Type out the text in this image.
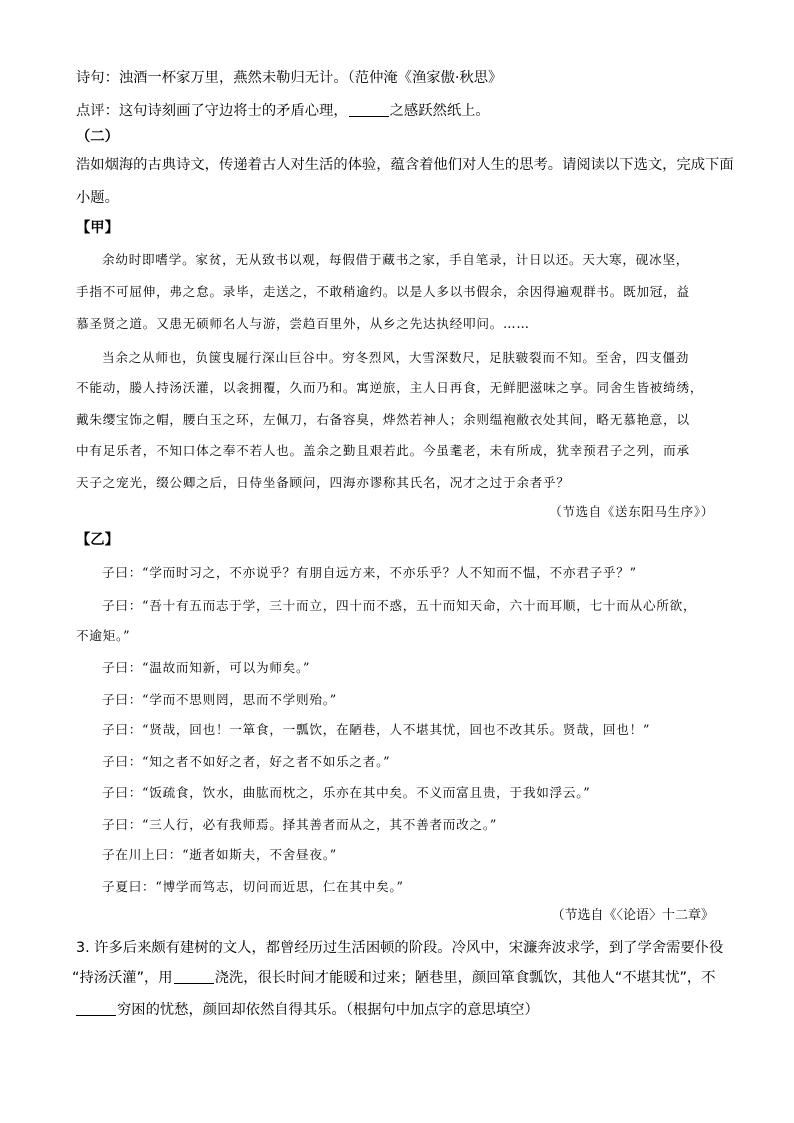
诗句：浊酒一杯家万里，燕然未勒归无计。（范仲淹《渔家傲·秋思》
点评：这句诗刻画了守边将士的矛盾心理，	之感跃然纸上。
（二）
浩如烟海的古典诗文，传递着古人对生活的体验，蕴含着他们对人生的思考。请阅读以下选文，完成下面
小题。
【甲】
余幼时即嗜学。家贫，无从致书以观，每假借于藏书之家，手自笔录，计日以还。天大寒，砚冰坚，
手指不可屈伸，弗之怠。录毕，走送之，不敢稍逾约。以是人多以书假余，余因得遍观群书。既加冠，益
慕圣贤之道。又患无硕师名人与游，尝趋百里外，从乡之先达执经叩问。……
当余之从师也，负箧曳屣行深山巨谷中。穷冬烈风，大雪深数尺，足肤皲裂而不知。至舍，四支僵劲
不能动，媵人持汤沃灌，以衾拥覆，久而乃和。寓逆旅，主人日再食，无鲜肥滋味之享。同舍生皆被绮绣，
戴朱缨宝饰之帽，腰白玉之环，左佩刀，右备容臭，烨然若神人；余则缊袍敝衣处其间，略无慕艳意，以
中有足乐者，不知口体之奉不若人也。盖余之勤且艰若此。今虽耄老，未有所成，犹幸预君子之列，而承
天子之宠光，缀公卿之后，日侍坐备顾问，四海亦谬称其氏名，况才之过于余者乎？
（节选自《送东阳马生序》）
【乙】
子曰：“学而时习之，不亦说乎？有朋自远方来，不亦乐乎？人不知而不愠，不亦君子乎？”
子曰：“吾十有五而志于学，三十而立，四十而不惑，五十而知天命，六十而耳顺，七十而从心所欲，
不逾矩。”
子曰：“温故而知新，可以为师矣。”
子曰：“学而不思则罔，思而不学则殆。”
子曰：“贤哉，回也！一箪食，一瓢饮，在陋巷，人不堪其忧，回也不改其乐。贤哉，回也！”
子曰：“知之者不如好之者，好之者不如乐之者。”
子曰：“饭疏食，饮水，曲肱而枕之，乐亦在其中矣。不义而富且贵，于我如浮云。”
子曰：“三人行，必有我师焉。择其善者而从之，其不善者而改之。”
子在川上曰：“逝者如斯夫，不舍昼夜。”
子夏曰：“博学而笃志，切问而近思，仁在其中矣。”
（节选自《〈论语〉十二章》
3. 许多后来颇有建树的文人，都曾经历过生活困顿的阶段。冷风中，宋濂奔波求学，到了学舍需要仆役
“持汤沃灌”，用	浇洗，很长时间才能暖和过来；陋巷里，颜回箪食瓢饮，其他人“不堪其忧”，不
穷困的忧愁，颜回却依然自得其乐。（根据句中加点字的意思填空）
